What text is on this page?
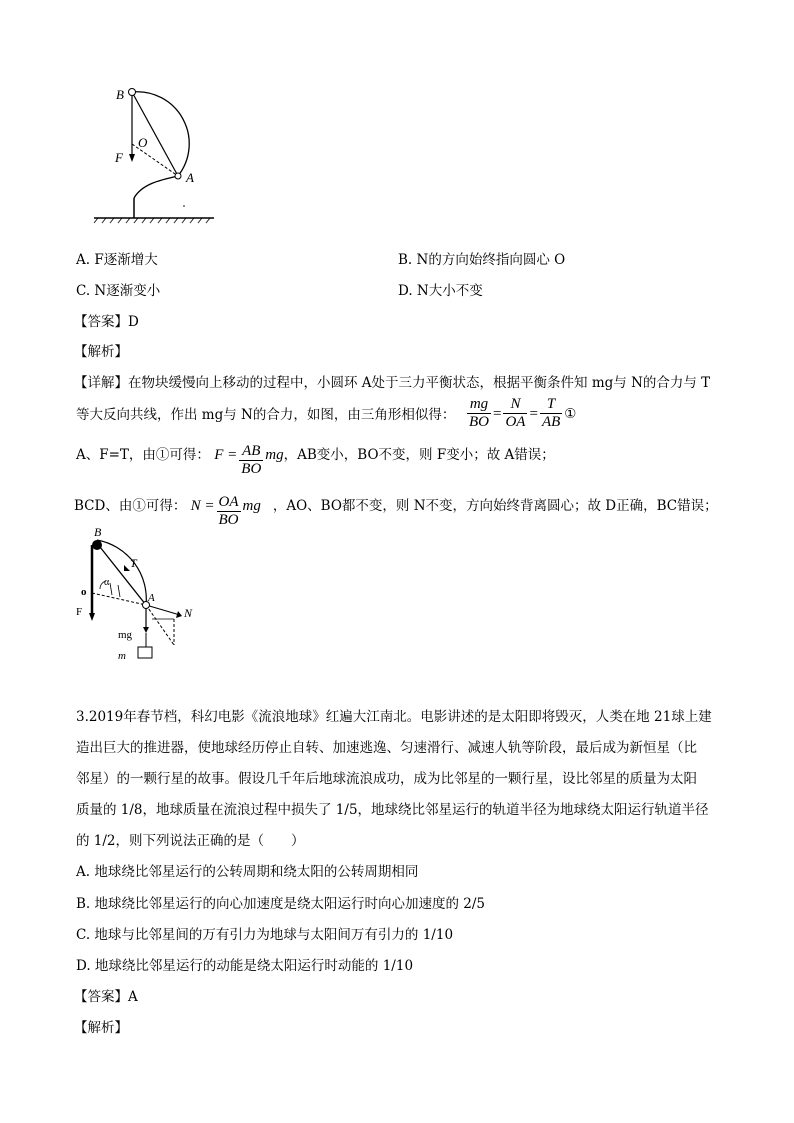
B
O
F
A
A. F逐渐增大	B. N的方向始终指向圆心 O
C. N逐渐变小	D. N大小不变
【答案】D
【解析】
【详解】在物块缓慢向上移动的过程中，小圆环 A处于三力平衡状态，根据平衡条件知 mg与 N的合力与 T
等大反向共线，作出 mg与 N的合力，如图，由三角形相似得： $\frac{mg}{BO} = \frac{N}{OA} = \frac{T}{AB}$ ①
A、F=T，由①可得： $F = \frac{AB}{BO}$ mg，AB变小，BO不变，则 F变小；故 A错误；
BCD、由①可得： $N = \frac{OA}{BO}$ mg ，AO、BO都不变，则 N不变，方向始终背离圆心；故 D正确，BC错误；
B
T
o
α
A
N
F
mg
m
3.2019年春节档，科幻电影《流浪地球》红遍大江南北。电影讲述的是太阳即将毁灭，人类在地 21球上建
造出巨大的推进器，使地球经历停止自转、加速逃逸、匀速滑行、减速人轨等阶段，最后成为新恒星（比
邻星）的一颗行星的故事。假设几千年后地球流浪成功，成为比邻星的一颗行星，设比邻星的质量为太阳
质量的 1/8，地球质量在流浪过程中损失了 1/5，地球绕比邻星运行的轨道半径为地球绕太阳运行轨道半径
的 1/2，则下列说法正确的是（　　）
A. 地球绕比邻星运行的公转周期和绕太阳的公转周期相同
B. 地球绕比邻星运行的向心加速度是绕太阳运行时向心加速度的 2/5
C. 地球与比邻星间的万有引力为地球与太阳间万有引力的 1/10
D. 地球绕比邻星运行的动能是绕太阳运行时动能的 1/10
【答案】A
【解析】
